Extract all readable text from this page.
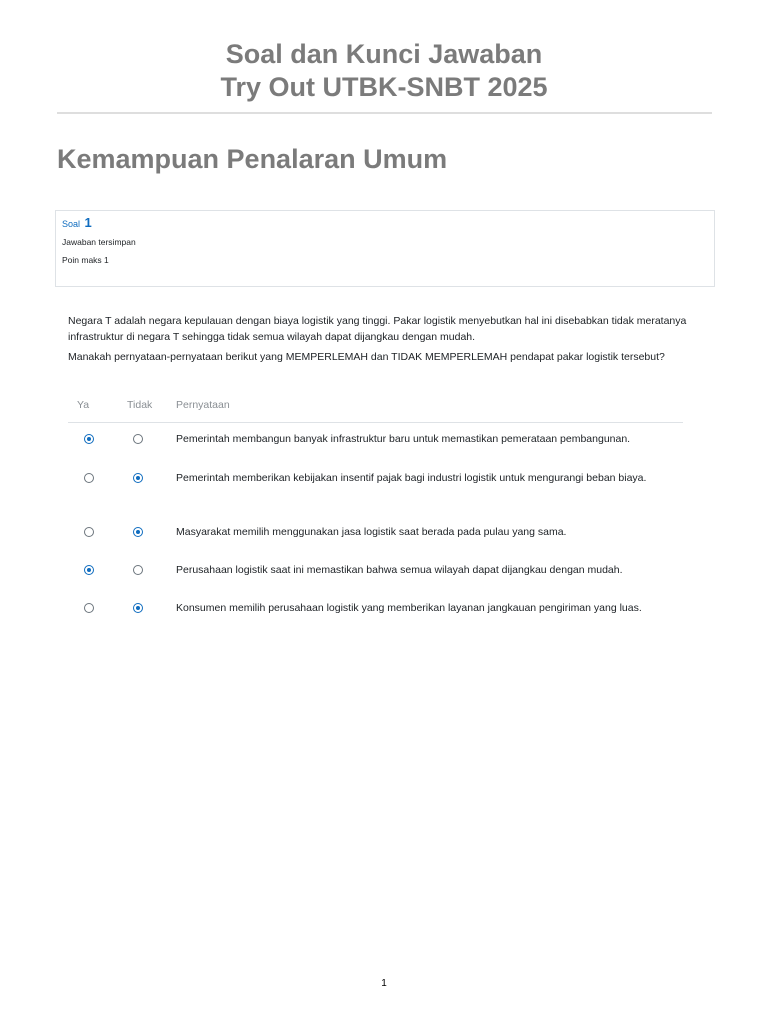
Soal dan Kunci Jawaban
Try Out UTBK-SNBT 2025
Kemampuan Penalaran Umum
Soal 1
Jawaban tersimpan
Poin maks 1

Negara T adalah negara kepulauan dengan biaya logistik yang tinggi. Pakar logistik menyebutkan hal ini disebabkan tidak meratanya infrastruktur di negara T sehingga tidak semua wilayah dapat dijangkau dengan mudah.

Manakah pernyataan-pernyataan berikut yang MEMPERLEMAH dan TIDAK MEMPERLEMAH pendapat pakar logistik tersebut?

Ya	Tidak Pernyataan
Pemerintah membangun banyak infrastruktur baru untuk memastikan pemerataan pembangunan.
Pemerintah memberikan kebijakan insentif pajak bagi industri logistik untuk mengurangi beban biaya.
Masyarakat memilih menggunakan jasa logistik saat berada pada pulau yang sama.
Perusahaan logistik saat ini memastikan bahwa semua wilayah dapat dijangkau dengan mudah.
Konsumen memilih perusahaan logistik yang memberikan layanan jangkauan pengiriman yang luas.
1
